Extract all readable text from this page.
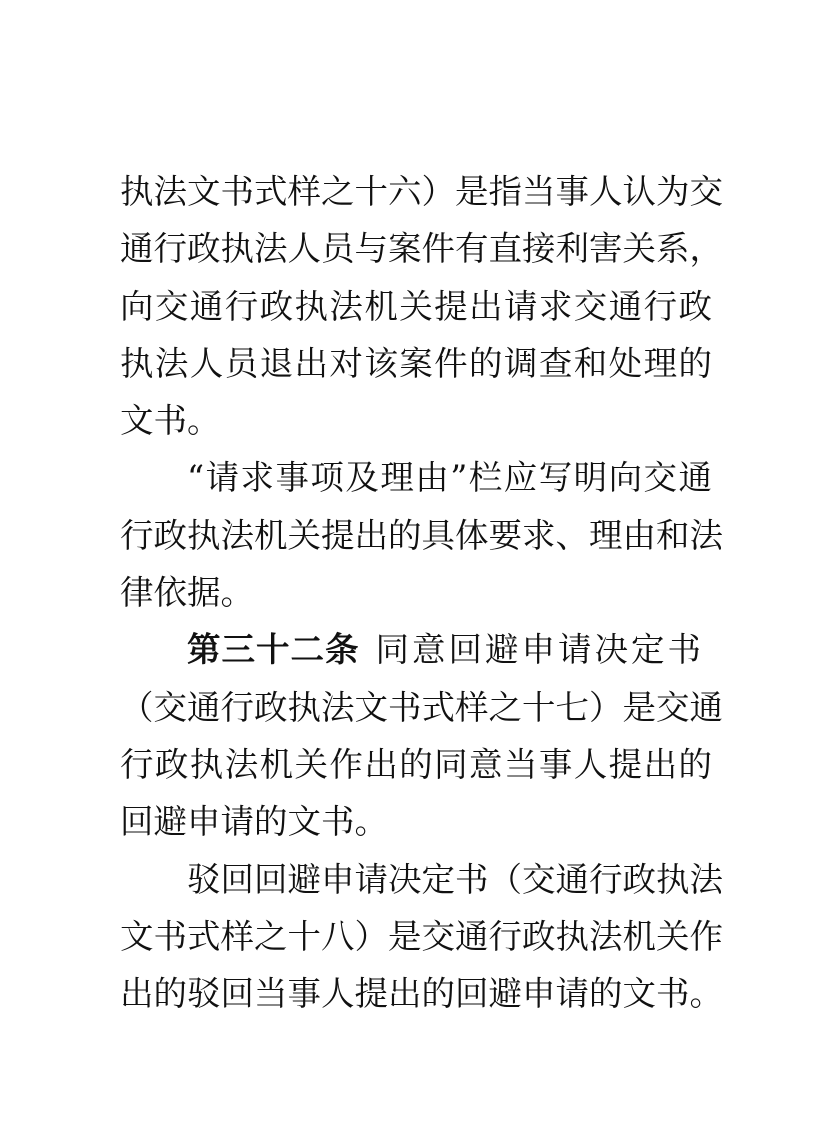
执法文书式样之十六）是指当事人认为交
通行政执法人员与案件有直接利害关系，
向交通行政执法机关提出请求交通行政
执法人员退出对该案件的调查和处理的
文书。
“请求事项及理由”栏应写明向交通
行政执法机关提出的具体要求、理由和法
律依据。
第三十二条 同意回避申请决定书
（交通行政执法文书式样之十七）是交通
行政执法机关作出的同意当事人提出的
回避申请的文书。
驳回回避申请决定书（交通行政执法
文书式样之十八）是交通行政执法机关作
出的驳回当事人提出的回避申请的文书。
